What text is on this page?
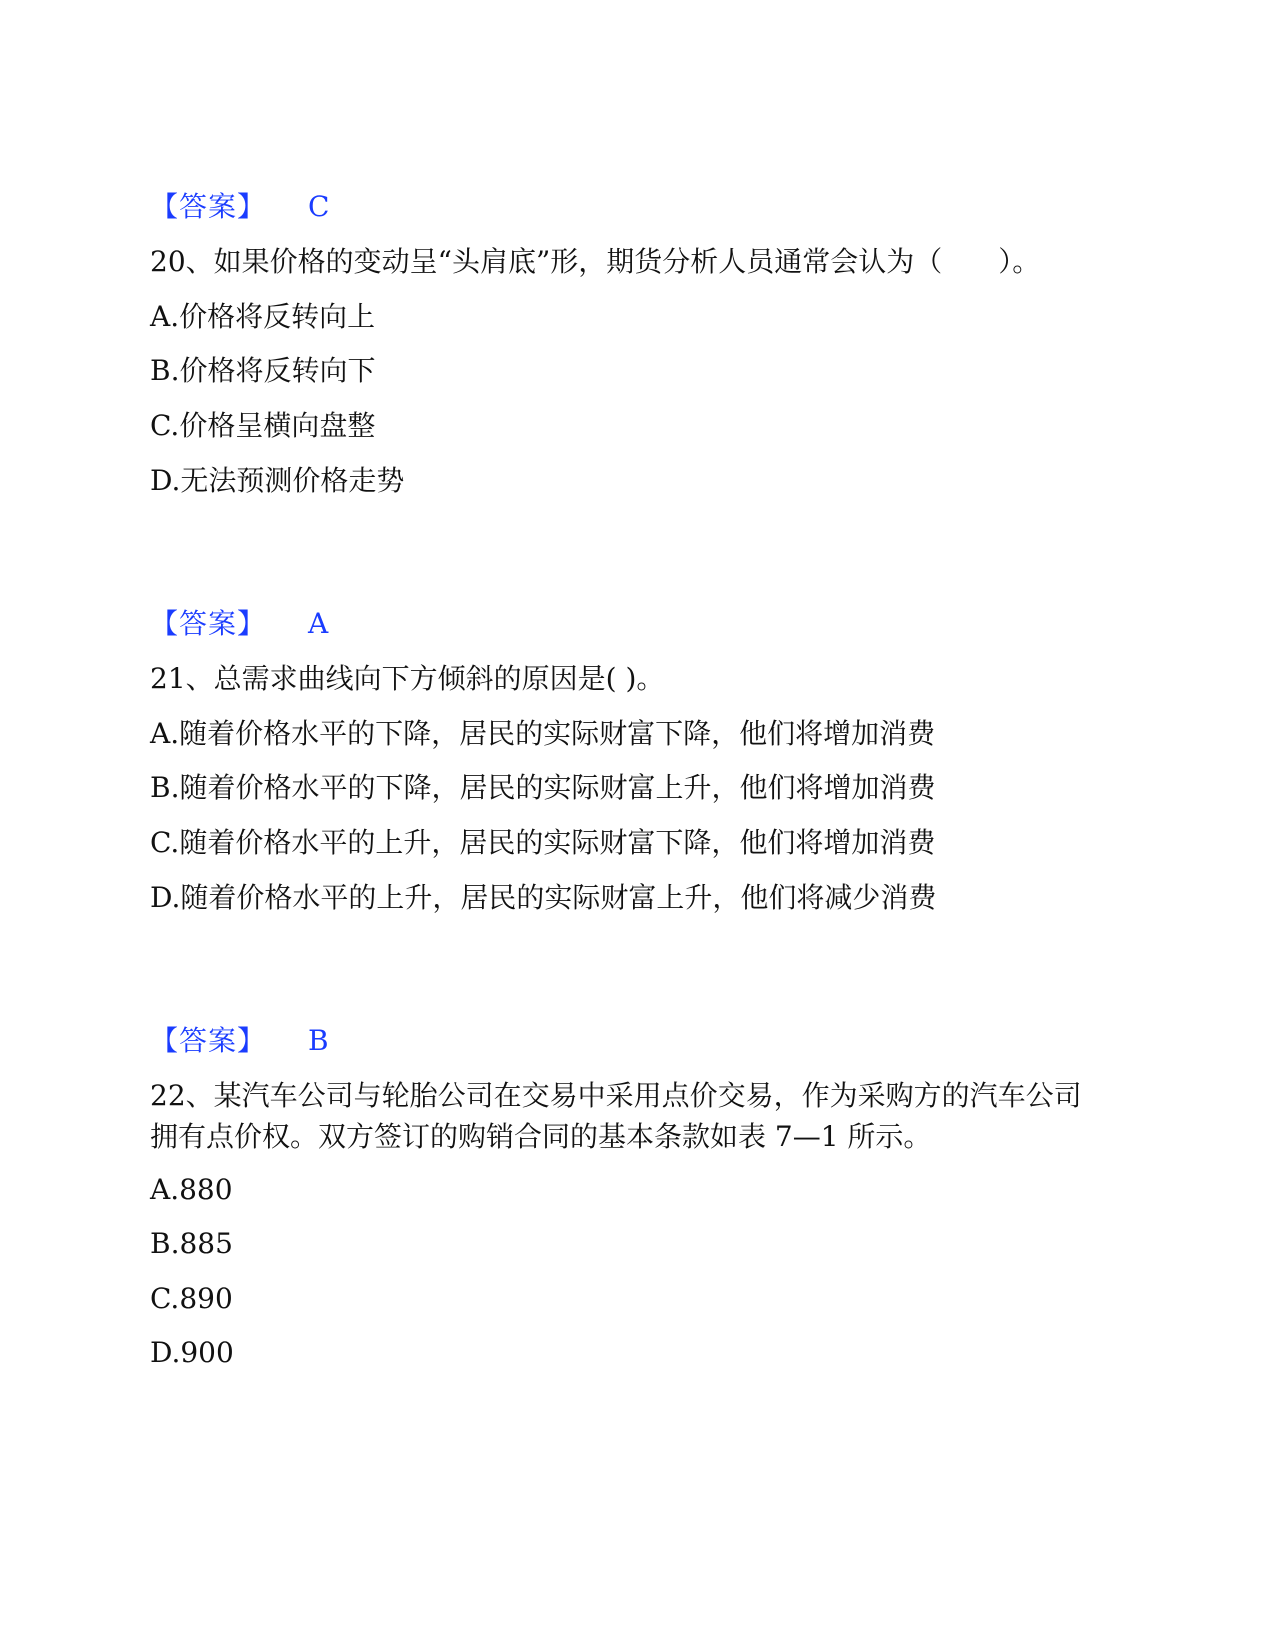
【答案】 C
20、如果价格的变动呈“头肩底”形，期货分析人员通常会认为（　　）。
A.价格将反转向上
B.价格将反转向下
C.价格呈横向盘整
D.无法预测价格走势
【答案】 A
21、总需求曲线向下方倾斜的原因是( )。
A.随着价格水平的下降，居民的实际财富下降，他们将增加消费
B.随着价格水平的下降，居民的实际财富上升，他们将增加消费
C.随着价格水平的上升，居民的实际财富下降，他们将增加消费
D.随着价格水平的上升，居民的实际财富上升，他们将减少消费
【答案】 B
22、某汽车公司与轮胎公司在交易中采用点价交易，作为采购方的汽车公司
拥有点价权。双方签订的购销合同的基本条款如表 7—1 所示。
A.880
B.885
C.890
D.900
